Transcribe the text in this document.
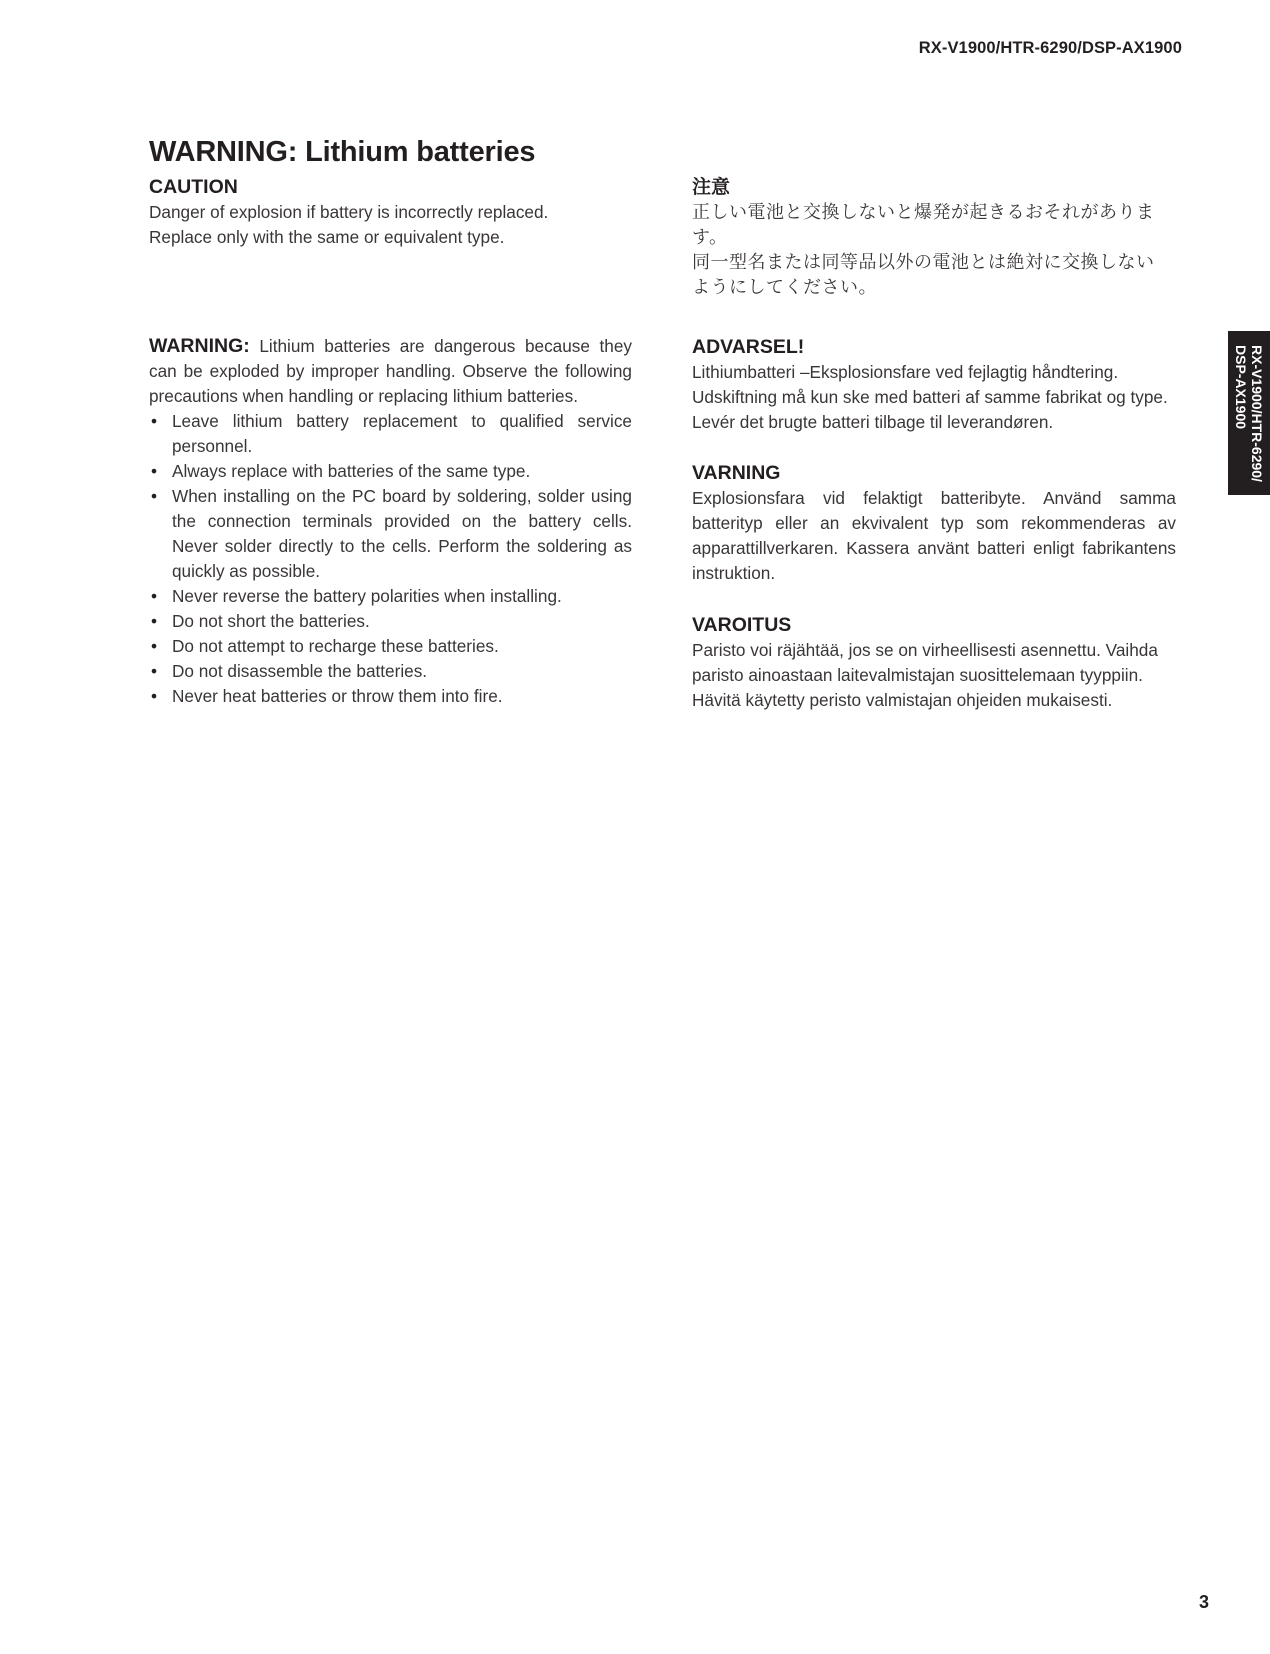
RX-V1900/HTR-6290/DSP-AX1900
WARNING: Lithium batteries
CAUTION

Danger of explosion if battery is incorrectly replaced.

Replace only with the same or equivalent type.

WARNING: Lithium batteries are dangerous because they can be exploded by improper handling. Observe the following precautions when handling or replacing lithium batteries.

• Leave lithium battery replacement to qualified service personnel.
• Always replace with batteries of the same type.
• When installing on the PC board by soldering, solder using the connection terminals provided on the battery cells. Never solder directly to the cells. Perform the soldering as quickly as possible.
• Never reverse the battery polarities when installing.
• Do not short the batteries.
• Do not attempt to recharge these batteries.
• Do not disassemble the batteries.
• Never heat batteries or throw them into fire.
注意

正しい電池と交換しないと爆発が起きるおそれがありま

す。

同一型名または同等品以外の電池とは絶対に交換しない

ようにしてください。

ADVARSEL!

Lithiumbatteri –Eksplosionsfare ved fejlagtig håndtering. Udskiftning må kun ske med batteri af samme fabrikat og type. Levér det brugte batteri tilbage til leverandøren.

VARNING

Explosionsfara vid felaktigt batteribyte. Använd samma batterityp eller an ekvivalent typ som rekommenderas av apparattillverkaren. Kassera använt batteri enligt fabrikantens instruktion.

VAROITUS

Paristo voi räjähtää, jos se on virheellisesti asennettu. Vaihda paristo ainoastaan laitevalmistajan suosittelemaan tyyppiin. Hävitä käytetty peristo valmistajan ohjeiden mukaisesti.

RX-V1900/HTR-6290/
DSP-AX1900
3
